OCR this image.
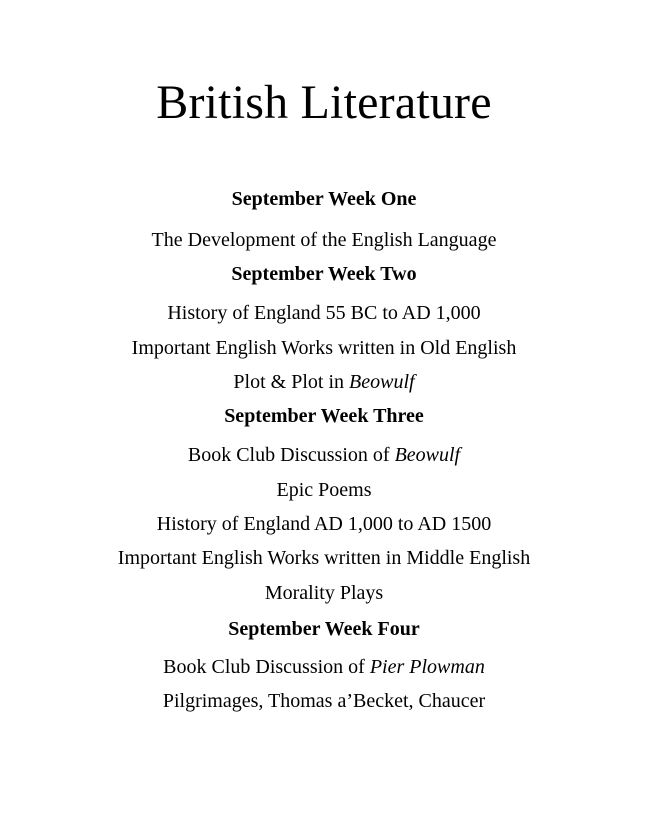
British Literature
September Week One
The Development of the English Language
September Week Two
History of England 55 BC to AD 1,000
Important English Works written in Old English
Plot & Plot in Beowulf
September Week Three
Book Club Discussion of Beowulf
Epic Poems
History of England AD 1,000 to AD 1500
Important English Works written in Middle English
Morality Plays
September Week Four
Book Club Discussion of Pier Plowman
Pilgrimages, Thomas a’Becket, Chaucer
